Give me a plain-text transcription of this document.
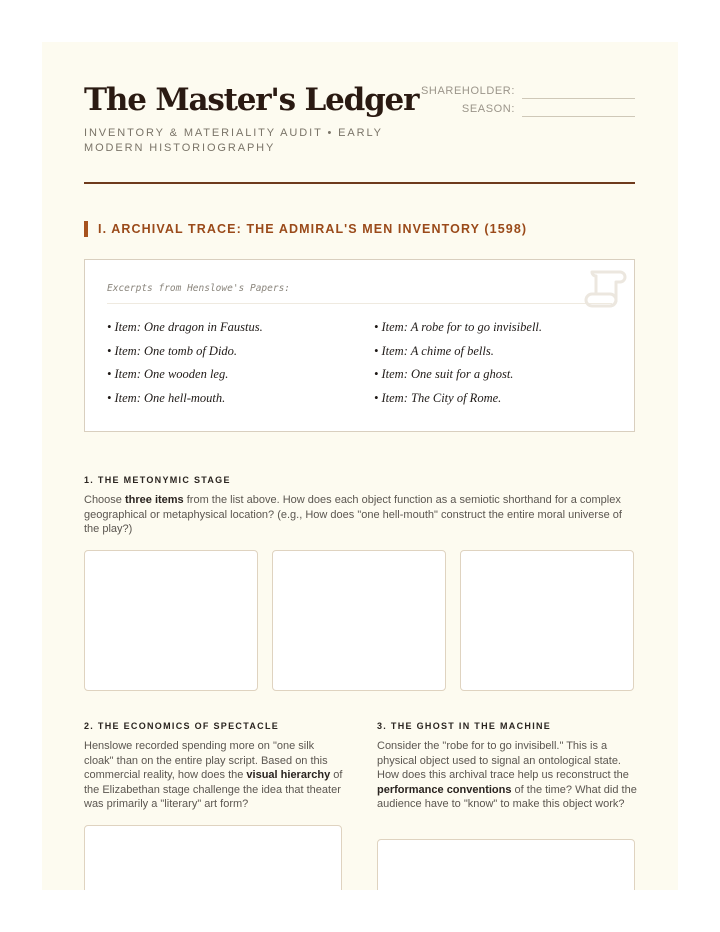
The Master's Ledger

INVENTORY & MATERIALITY AUDIT • EARLY MODERN HISTORIOGRAPHY

SHAREHOLDER:
SEASON:
I. ARCHIVAL TRACE: THE ADMIRAL'S MEN INVENTORY (1598)
Excerpts from Henslowe's Papers:
• Item: One dragon in Faustus.
• Item: One tomb of Dido.
• Item: One wooden leg.
• Item: One hell-mouth.
• Item: A robe for to go invisibell.
• Item: A chime of bells.
• Item: One suit for a ghost.
• Item: The City of Rome.
1. THE METONYMIC STAGE

Choose three items from the list above. How does each object function as a semiotic shorthand for a complex geographical or metaphysical location? (e.g., How does "one hell-mouth" construct the entire moral universe of the play?)

2. THE ECONOMICS OF SPECTACLE

Henslowe recorded spending more on "one silk cloak" than on the entire play script. Based on this commercial reality, how does the visual hierarchy of the Elizabethan stage challenge the idea that theater was primarily a "literary" art form?

3. THE GHOST IN THE MACHINE

Consider the "robe for to go invisibell." This is a physical object used to signal an ontological state. How does this archival trace help us reconstruct the performance conventions of the time? What did the audience have to "know" to make this object work?
